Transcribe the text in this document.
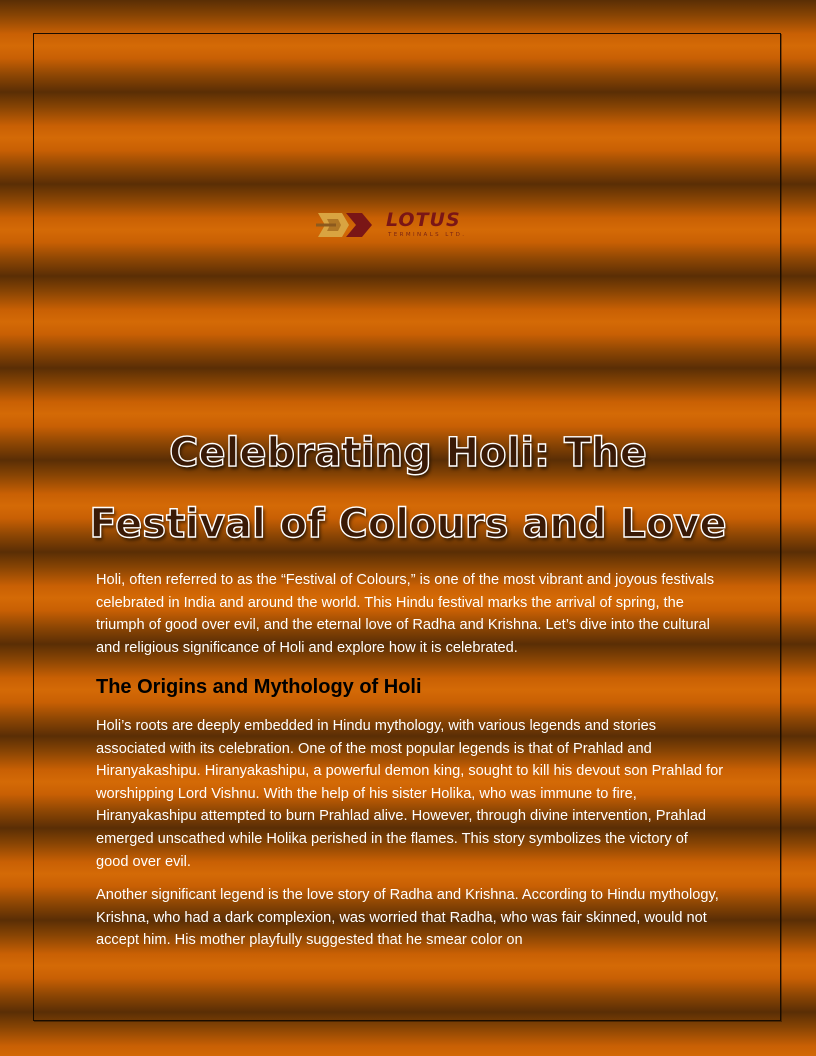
LOTUS
TERMINALS LTD.
Celebrating Holi: The
Festival of Colours and Love

Holi, often referred to as the “Festival of Colours,” is one of the most vibrant and joyous festivals celebrated in India and around the world. This Hindu festival marks the arrival of spring, the triumph of good over evil, and the eternal love of Radha and Krishna. Let’s dive into the cultural and religious significance of Holi and explore how it is celebrated.

The Origins and Mythology of Holi

Holi’s roots are deeply embedded in Hindu mythology, with various legends and stories associated with its celebration. One of the most popular legends is that of Prahlad and Hiranyakashipu. Hiranyakashipu, a powerful demon king, sought to kill his devout son Prahlad for worshipping Lord Vishnu. With the help of his sister Holika, who was immune to fire, Hiranyakashipu attempted to burn Prahlad alive. However, through divine intervention, Prahlad emerged unscathed while Holika perished in the flames. This story symbolizes the victory of good over evil.

Another significant legend is the love story of Radha and Krishna. According to Hindu mythology, Krishna, who had a dark complexion, was worried that Radha, who was fair skinned, would not accept him. His mother playfully suggested that he smear color on
